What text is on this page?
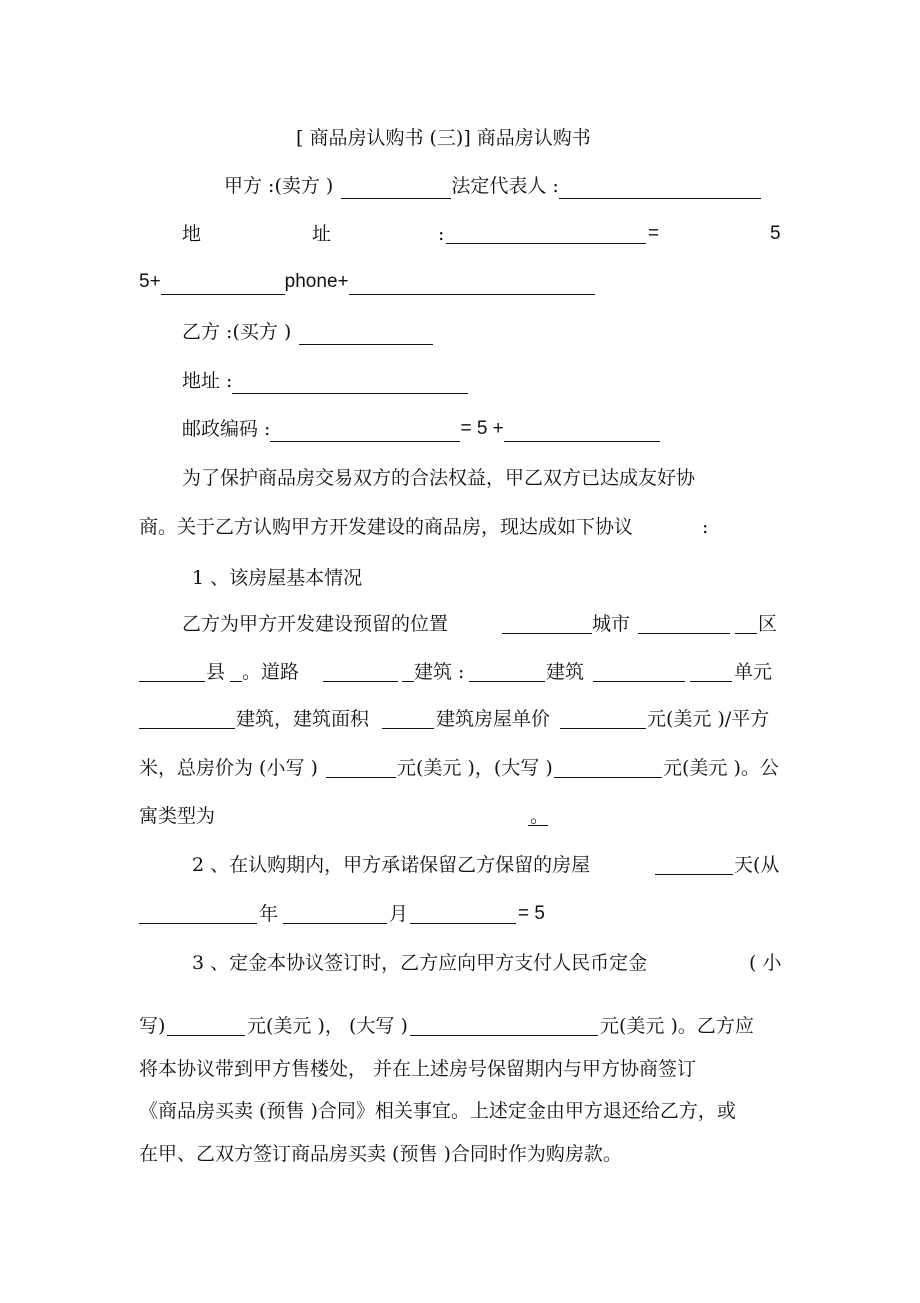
[ 商品房认购书 (三)] 商品房认购书
甲方 :(卖方 )	法定代表人 :
地	址	:	=	5
5+	phone+
乙方 :(买方 )
地址 :
邮政编码 :	= 5 +
为了保护商品房交易双方的合法权益，甲乙双方已达成友好协
商。关于乙方认购甲方开发建设的商品房，现达成如下协议	:
1 、该房屋基本情况
乙方为甲方开发建设预留的位置	城市	区
县 。道路	建筑 :	建筑	单元
建筑，建筑面积	建筑房屋单价	元(美元 )/平方
米，总房价为 (小写 )	元(美元 )，(大写 )	元(美元 )。公
寓类型为	。
2 、在认购期内，甲方承诺保留乙方保留的房屋	天(从
年	月	= 5
3 、定金本协议签订时，乙方应向甲方支付人民币定金	( 小
写)	元(美元 )， (大写 )	元(美元 )。乙方应
将本协议带到甲方售楼处， 并在上述房号保留期内与甲方协商签订
《商品房买卖 (预售 )合同》相关事宜。上述定金由甲方退还给乙方，或
在甲、乙双方签订商品房买卖 (预售 )合同时作为购房款。
